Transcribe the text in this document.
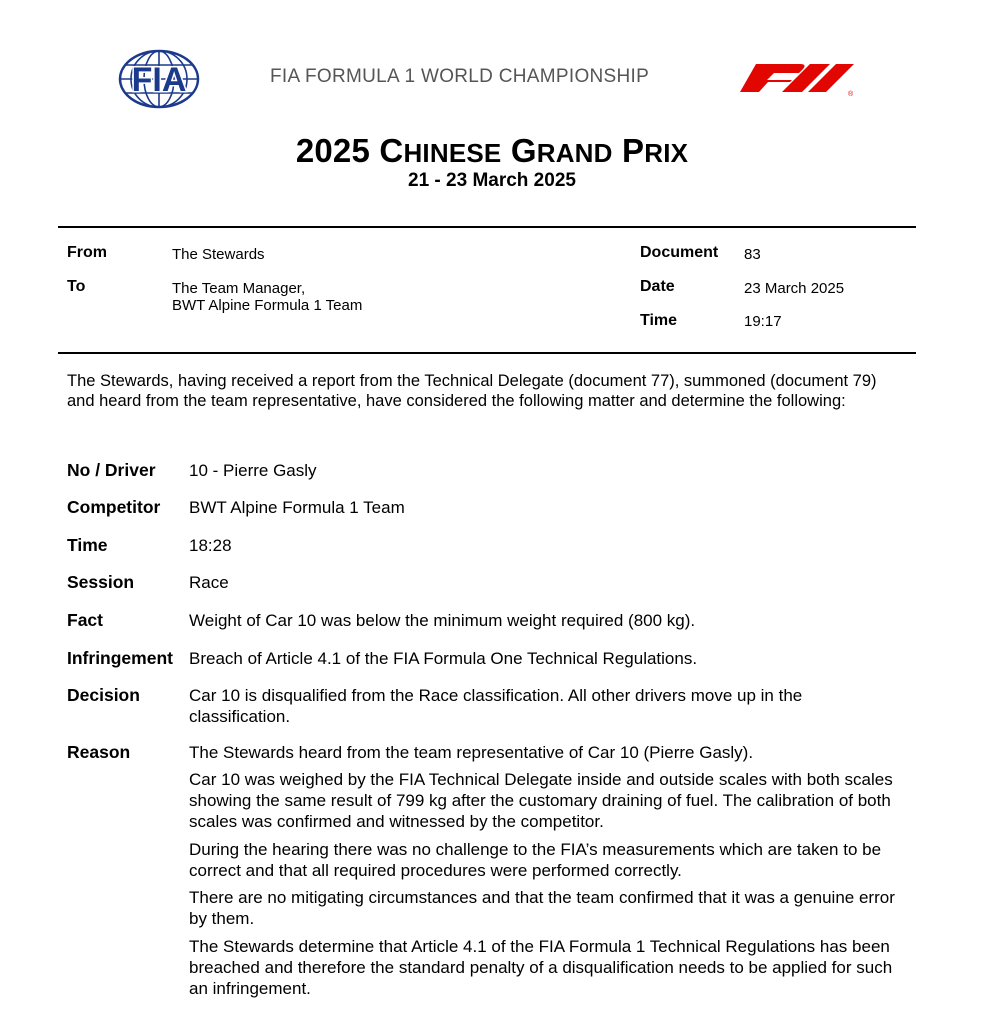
FIA	FIA FORMULA 1 WORLD CHAMPIONSHIP
®
2025 CHINESE GRAND PRIX
21 - 23 March 2025
From	The Stewards
To	The Team Manager,
BWT Alpine Formula 1 Team
Document 83
Date	23 March 2025
Time	19:17
The Stewards, having received a report from the Technical Delegate (document 77), summoned (document 79) and heard from the team representative, have considered the following matter and determine the following:
No / Driver 10 - Pierre Gasly
Competitor BWT Alpine Formula 1 Team
Time	18:28
Session	Race
Fact	Weight of Car 10 was below the minimum weight required (800 kg).
Infringement Breach of Article 4.1 of the FIA Formula One Technical Regulations.
Decision	Car 10 is disqualified from the Race classification. All other drivers move up in the classification.
Reason	The Stewards heard from the team representative of Car 10 (Pierre Gasly).
Car 10 was weighed by the FIA Technical Delegate inside and outside scales with both scales showing the same result of 799 kg after the customary draining of fuel. The calibration of both scales was confirmed and witnessed by the competitor.
During the hearing there was no challenge to the FIA’s measurements which are taken to be correct and that all required procedures were performed correctly.
There are no mitigating circumstances and that the team confirmed that it was a genuine error by them.
The Stewards determine that Article 4.1 of the FIA Formula 1 Technical Regulations has been breached and therefore the standard penalty of a disqualification needs to be applied for such an infringement.
